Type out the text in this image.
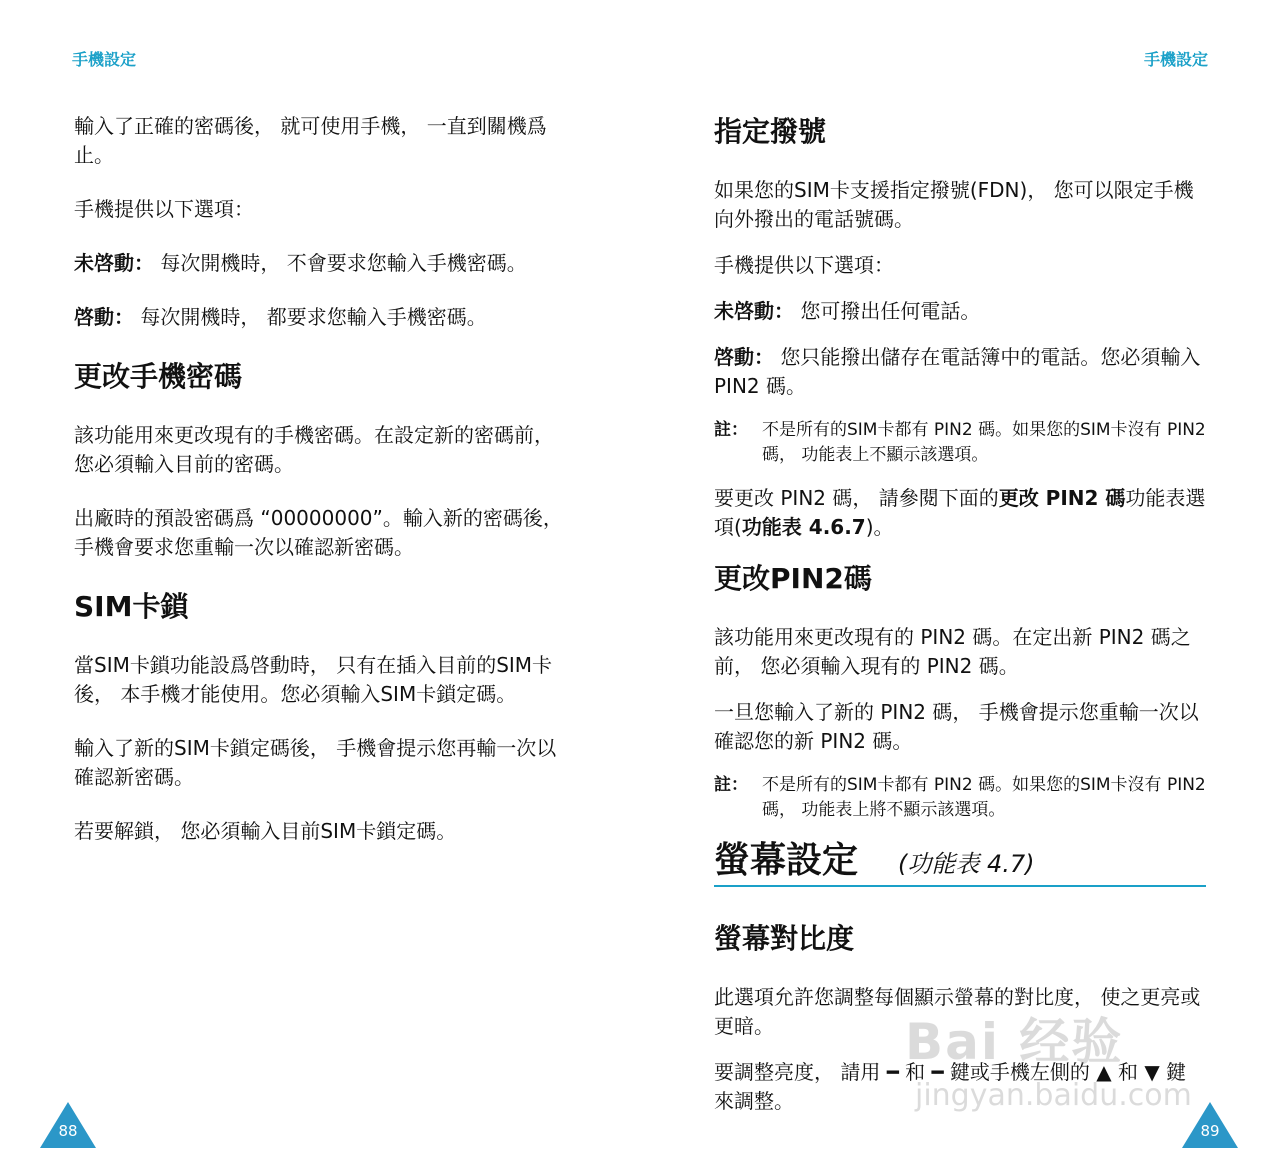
手機設定

輸入了正確的密碼後， 就可使用手機， 一直到關機爲止。

手機提供以下選項：

未啓動： 每次開機時， 不會要求您輸入手機密碼。

啓動： 每次開機時， 都要求您輸入手機密碼。

更改手機密碼

該功能用來更改現有的手機密碼。在設定新的密碼前， 您必須輸入目前的密碼。

出廠時的預設密碼爲 “00000000”。輸入新的密碼後， 手機會要求您重輸一次以確認新密碼。

SIM卡鎖

當SIM卡鎖功能設爲啓動時， 只有在插入目前的SIM卡後， 本手機才能使用。您必須輸入SIM卡鎖定碼。

輸入了新的SIM卡鎖定碼後， 手機會提示您再輸一次以確認新密碼。

若要解鎖， 您必須輸入目前SIM卡鎖定碼。

88
手機設定
指定撥號

如果您的SIM卡支援指定撥號(FDN)， 您可以限定手機向外撥出的電話號碼。

手機提供以下選項：

未啓動： 您可撥出任何電話。

啓動： 您只能撥出儲存在電話簿中的電話。您必須輸入 PIN2 碼。

註： 不是所有的SIM卡都有 PIN2 碼。如果您的SIM卡沒有 PIN2 碼， 功能表上不顯示該選項。

要更改 PIN2 碼， 請參閱下面的更改 PIN2 碼功能表選項(功能表 4.6.7)。

更改PIN2碼

該功能用來更改現有的 PIN2 碼。在定出新 PIN2 碼之前， 您必須輸入現有的 PIN2 碼。

一旦您輸入了新的 PIN2 碼， 手機會提示您重輸一次以確認您的新 PIN2 碼。

註： 不是所有的SIM卡都有 PIN2 碼。如果您的SIM卡沒有 PIN2 碼， 功能表上將不顯示該選項。
螢幕設定 (功能表 4.7)
螢幕對比度

此選項允許您調整每個顯示螢幕的對比度， 使之更亮或更暗。

要調整亮度， 請用 ━ 和 ━ 鍵或手機左側的 ▲ 和 ▼ 鍵來調整。

89
Bai 经验
jingyan.baidu.com
